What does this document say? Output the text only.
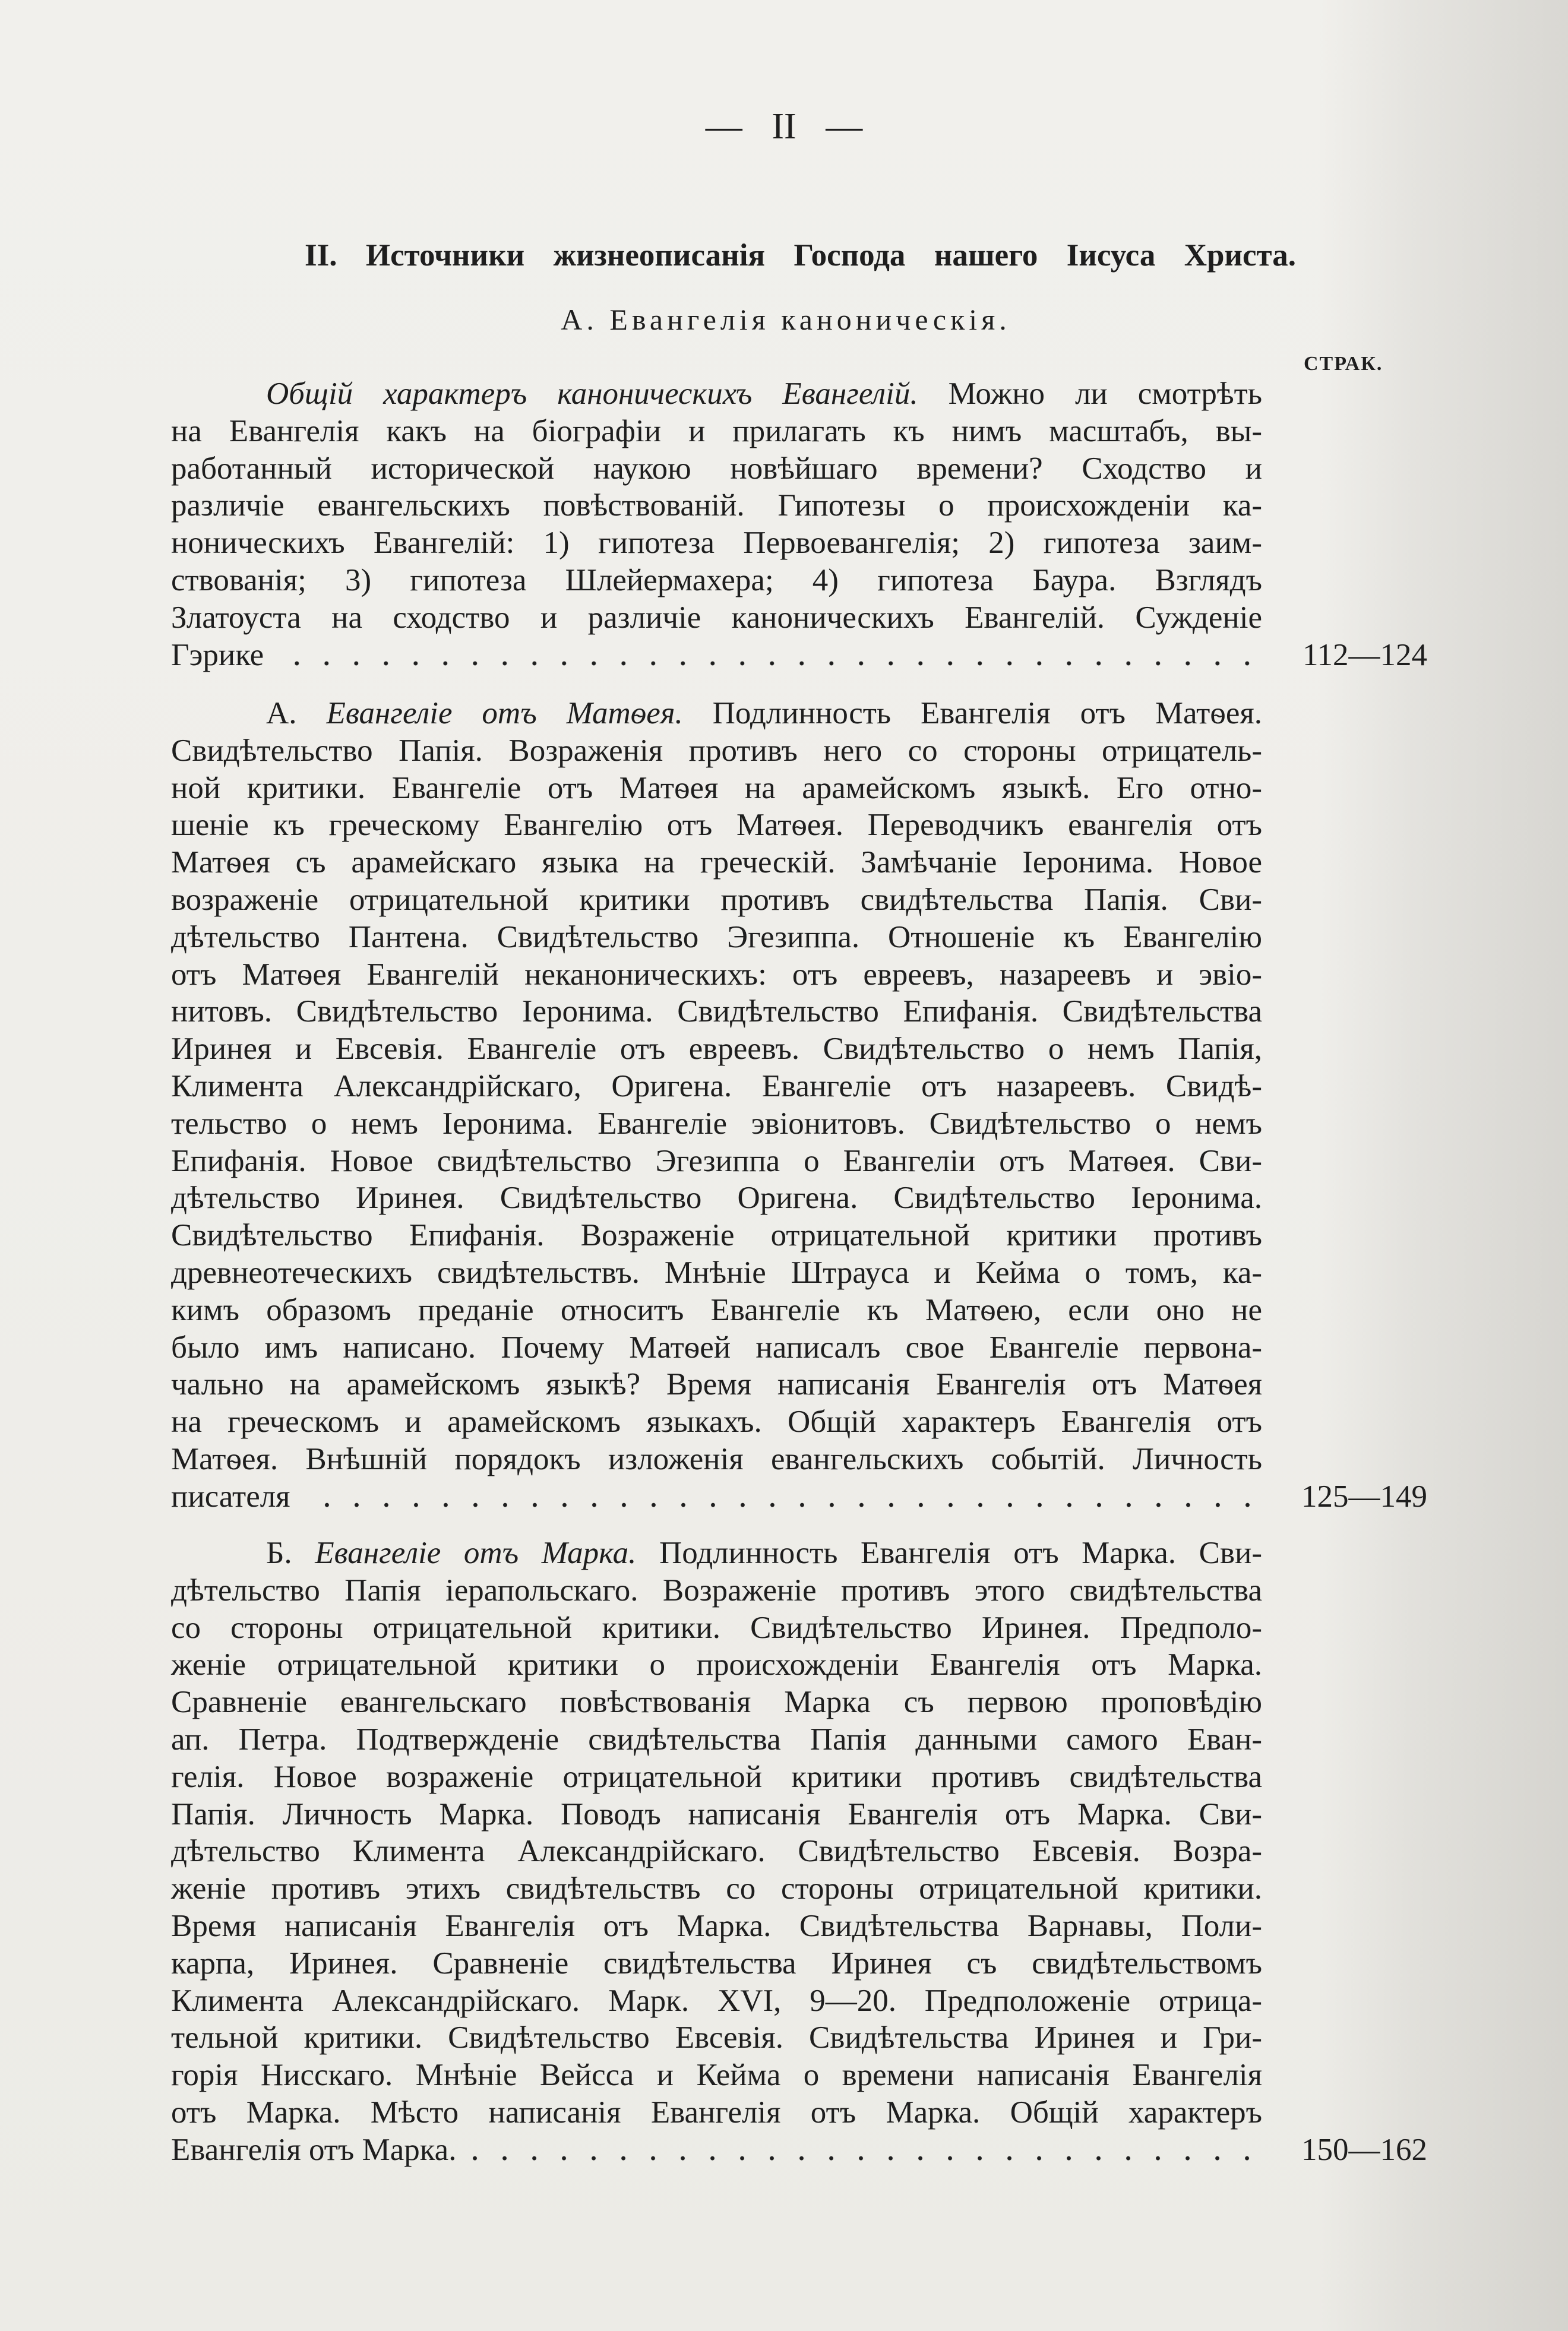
— II —
II. Источники жизнеописанія Господа нашего Іисуса Христа.
А. Евангелія каноническія.
СТРАК.
Общій характеръ каноническихъ Евангелій. Можно ли смотрѣть
на Евангелія какъ на біографіи и прилагать къ нимъ масштабъ, вы-
работанный исторической наукою новѣйшаго времени? Сходство и
различіе евангельскихъ повѣствованій. Гипотезы о происхожденіи ка-
ноническихъ Евангелій: 1) гипотеза Первоевангелія; 2) гипотеза заим-
ствованія; 3) гипотеза Шлейермахера; 4) гипотеза Баура. Взглядъ
Златоуста на сходство и различіе каноническихъ Евангелій. Сужденіе
Гэрике	112—124
А. Евангеліе отъ Матѳея. Подлинность Евангелія отъ Матѳея.
Свидѣтельство Папія. Возраженія противъ него со стороны отрицатель-
ной критики. Евангеліе отъ Матѳея на арамейскомъ языкѣ. Его отно-
шеніе къ греческому Евангелію отъ Матѳея. Переводчикъ евангелія отъ
Матѳея съ арамейскаго языка на греческій. Замѣчаніе Іеронима. Новое
возраженіе отрицательной критики противъ свидѣтельства Папія. Сви-
дѣтельство Пантена. Свидѣтельство Эгезиппа. Отношеніе къ Евангелію
отъ Матѳея Евангелій неканоническихъ: отъ евреевъ, назареевъ и эвіо-
нитовъ. Свидѣтельство Іеронима. Свидѣтельство Епифанія. Свидѣтельства
Иринея и Евсевія. Евангеліе отъ евреевъ. Свидѣтельство о немъ Папія,
Климента Александрійскаго, Оригена. Евангеліе отъ назареевъ. Свидѣ-
тельство о немъ Іеронима. Евангеліе эвіонитовъ. Свидѣтельство о немъ
Епифанія. Новое свидѣтельство Эгезиппа о Евангеліи отъ Матѳея. Сви-
дѣтельство Иринея. Свидѣтельство Оригена. Свидѣтельство Іеронима.
Свидѣтельство Епифанія. Возраженіе отрицательной критики противъ
древнеотеческихъ свидѣтельствъ. Мнѣніе Штрауса и Кейма о томъ, ка-
кимъ образомъ преданіе относитъ Евангеліе къ Матѳею, если оно не
было имъ написано. Почему Матѳей написалъ свое Евангеліе первона-
чально на арамейскомъ языкѣ? Время написанія Евангелія отъ Матѳея
на греческомъ и арамейскомъ языкахъ. Общій характеръ Евангелія отъ
Матѳея. Внѣшній порядокъ изложенія евангельскихъ событій. Личность
писателя	125—149
Б. Евангеліе отъ Марка. Подлинность Евангелія отъ Марка. Сви-
дѣтельство Папія іерапольскаго. Возраженіе противъ этого свидѣтельства
со стороны отрицательной критики. Свидѣтельство Иринея. Предполо-
женіе отрицательной критики о происхожденіи Евангелія отъ Марка.
Сравненіе евангельскаго повѣствованія Марка съ первою проповѣдію
ап. Петра. Подтвержденіе свидѣтельства Папія данными самого Еван-
гелія. Новое возраженіе отрицательной критики противъ свидѣтельства
Папія. Личность Марка. Поводъ написанія Евангелія отъ Марка. Сви-
дѣтельство Климента Александрійскаго. Свидѣтельство Евсевія. Возра-
женіе противъ этихъ свидѣтельствъ со стороны отрицательной критики.
Время написанія Евангелія отъ Марка. Свидѣтельства Варнавы, Поли-
карпа, Иринея. Сравненіе свидѣтельства Иринея съ свидѣтельствомъ
Климента Александрійскаго. Марк. XVI, 9—20. Предположеніе отрица-
тельной критики. Свидѣтельство Евсевія. Свидѣтельства Иринея и Гри-
горія Нисскаго. Мнѣніе Вейсса и Кейма о времени написанія Евангелія
отъ Марка. Мѣсто написанія Евангелія отъ Марка. Общій характеръ
Евангелія отъ Марка.	150—162
